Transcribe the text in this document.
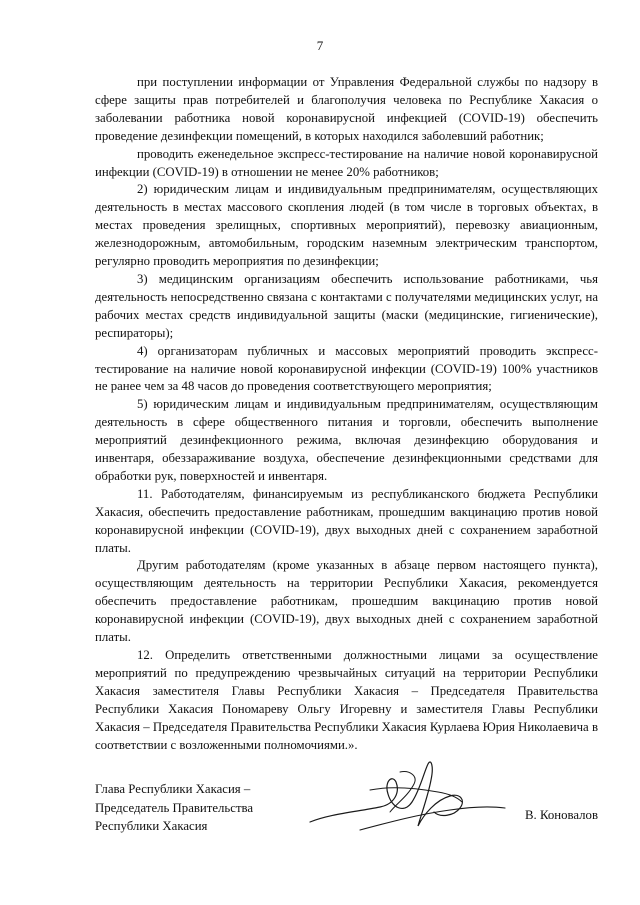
7

при поступлении информации от Управления Федеральной службы по надзору в сфере защиты прав потребителей и благополучия человека по Республике Хакасия о заболевании работника новой коронавирусной инфекцией (COVID-19) обеспечить проведение дезинфекции помещений, в которых находился заболевший работник;

проводить еженедельное экспресс-тестирование на наличие новой коронавирусной инфекции (COVID-19) в отношении не менее 20% работников;

2) юридическим лицам и индивидуальным предпринимателям, осуществляющих деятельность в местах массового скопления людей (в том числе в торговых объектах, в местах проведения зрелищных, спортивных мероприятий), перевозку авиационным, железнодорожным, автомобильным, городским наземным электрическим транспортом, регулярно проводить мероприятия по дезинфекции;

3) медицинским организациям обеспечить использование работниками, чья деятельность непосредственно связана с контактами с получателями медицинских услуг, на рабочих местах средств индивидуальной защиты (маски (медицинские, гигиенические), респираторы);

4) организаторам публичных и массовых мероприятий проводить экспресс-тестирование на наличие новой коронавирусной инфекции (COVID-19) 100% участников не ранее чем за 48 часов до проведения соответствующего мероприятия;

5) юридическим лицам и индивидуальным предпринимателям, осуществляющим деятельность в сфере общественного питания и торговли, обеспечить выполнение мероприятий дезинфекционного режима, включая дезинфекцию оборудования и инвентаря, обеззараживание воздуха, обеспечение дезинфекционными средствами для обработки рук, поверхностей и инвентаря.

11. Работодателям, финансируемым из республиканского бюджета Республики Хакасия, обеспечить предоставление работникам, прошедшим вакцинацию против новой коронавирусной инфекции (COVID-19), двух выходных дней с сохранением заработной платы.

Другим работодателям (кроме указанных в абзаце первом настоящего пункта), осуществляющим деятельность на территории Республики Хакасия, рекомендуется обеспечить предоставление работникам, прошедшим вакцинацию против новой коронавирусной инфекции (COVID-19), двух выходных дней с сохранением заработной платы.

12. Определить ответственными должностными лицами за осуществление мероприятий по предупреждению чрезвычайных ситуаций на территории Республики Хакасия заместителя Главы Республики Хакасия – Председателя Правительства Республики Хакасия Пономареву Ольгу Игоревну и заместителя Главы Республики Хакасия – Председателя Правительства Республики Хакасия Курлаева Юрия Николаевича в соответствии с возложенными полномочиями.».

Глава Республики Хакасия –
Председатель Правительства
Республики Хакасия
В. Коновалов
